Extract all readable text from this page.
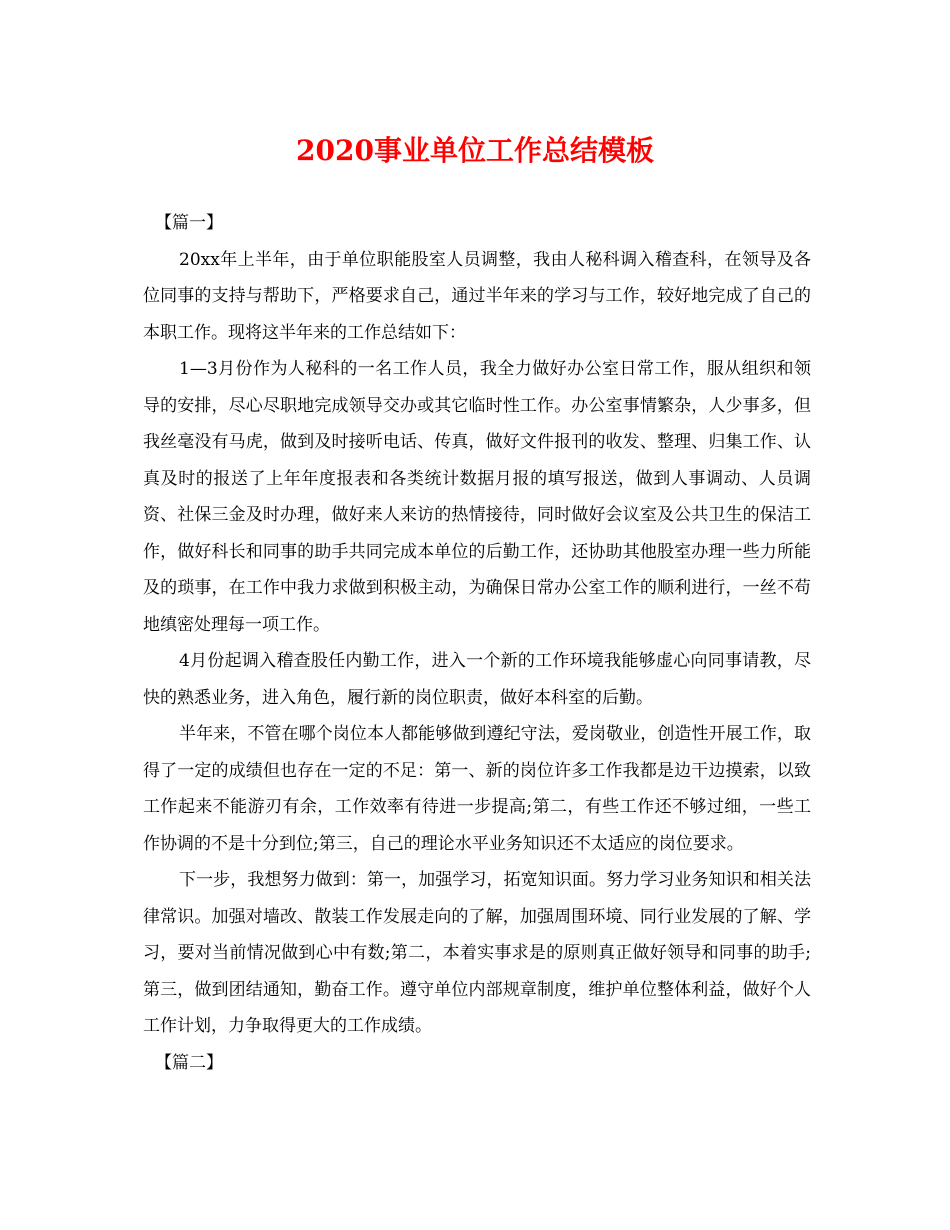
2020事业单位工作总结模板

【篇一】

20xx年上半年，由于单位职能股室人员调整，我由人秘科调入稽查科，在领导及各位同事的支持与帮助下，严格要求自己，通过半年来的学习与工作，较好地完成了自己的本职工作。现将这半年来的工作总结如下：

1—3月份作为人秘科的一名工作人员，我全力做好办公室日常工作，服从组织和领导的安排，尽心尽职地完成领导交办或其它临时性工作。办公室事情繁杂，人少事多，但我丝毫没有马虎，做到及时接听电话、传真，做好文件报刊的收发、整理、归集工作、认真及时的报送了上年年度报表和各类统计数据月报的填写报送，做到人事调动、人员调资、社保三金及时办理，做好来人来访的热情接待，同时做好会议室及公共卫生的保洁工作，做好科长和同事的助手共同完成本单位的后勤工作，还协助其他股室办理一些力所能及的琐事，在工作中我力求做到积极主动，为确保日常办公室工作的顺利进行，一丝不苟地缜密处理每一项工作。

4月份起调入稽查股任内勤工作，进入一个新的工作环境我能够虚心向同事请教，尽快的熟悉业务，进入角色，履行新的岗位职责，做好本科室的后勤。

半年来，不管在哪个岗位本人都能够做到遵纪守法，爱岗敬业，创造性开展工作，取得了一定的成绩但也存在一定的不足：第一、新的岗位许多工作我都是边干边摸索，以致工作起来不能游刃有余，工作效率有待进一步提高;第二，有些工作还不够过细，一些工作协调的不是十分到位;第三，自己的理论水平业务知识还不太适应的岗位要求。

下一步，我想努力做到：第一，加强学习，拓宽知识面。努力学习业务知识和相关法律常识。加强对墙改、散装工作发展走向的了解，加强周围环境、同行业发展的了解、学习，要对当前情况做到心中有数;第二，本着实事求是的原则真正做好领导和同事的助手;第三，做到团结通知，勤奋工作。遵守单位内部规章制度，维护单位整体利益，做好个人工作计划，力争取得更大的工作成绩。

【篇二】
